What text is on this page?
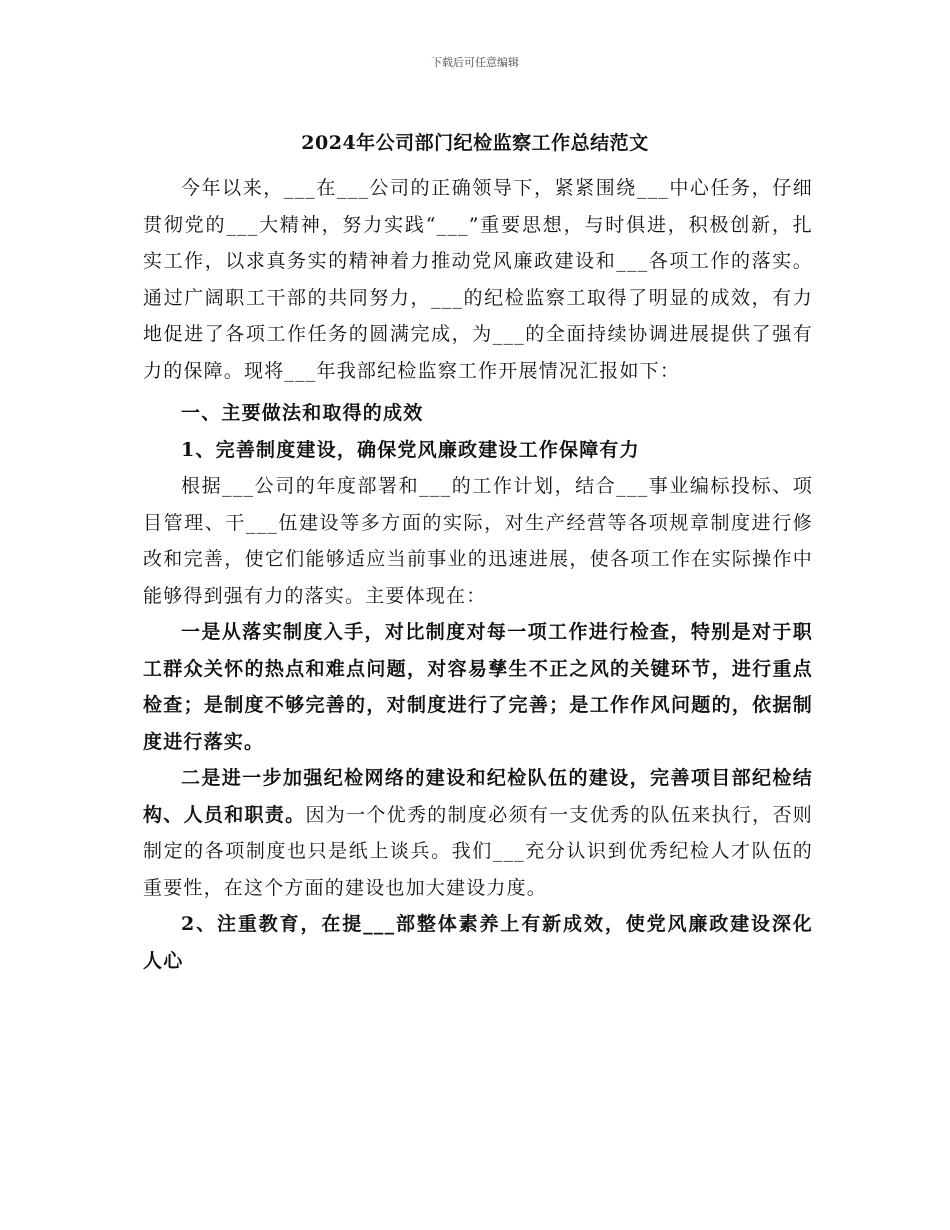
下载后可任意编辑
2024年公司部门纪检监察工作总结范文

今年以来，___在___公司的正确领导下，紧紧围绕___中心任务，仔细贯彻党的___大精神，努力实践“___”重要思想，与时俱进，积极创新，扎实工作，以求真务实的精神着力推动党风廉政建设和___各项工作的落实。通过广阔职工干部的共同努力，___的纪检监察工取得了明显的成效，有力地促进了各项工作任务的圆满完成，为___的全面持续协调进展提供了强有力的保障。现将___年我部纪检监察工作开展情况汇报如下：

一、主要做法和取得的成效

1、完善制度建设，确保党风廉政建设工作保障有力

根据___公司的年度部署和___的工作计划，结合___事业编标投标、项目管理、干___伍建设等多方面的实际，对生产经营等各项规章制度进行修改和完善，使它们能够适应当前事业的迅速进展，使各项工作在实际操作中能够得到强有力的落实。主要体现在：

一是从落实制度入手，对比制度对每一项工作进行检查，特别是对于职工群众关怀的热点和难点问题，对容易孳生不正之风的关键环节，进行重点检查；是制度不够完善的，对制度进行了完善；是工作作风问题的，依据制度进行落实。

二是进一步加强纪检网络的建设和纪检队伍的建设，完善项目部纪检结构、人员和职责。因为一个优秀的制度必须有一支优秀的队伍来执行，否则制定的各项制度也只是纸上谈兵。我们___充分认识到优秀纪检人才队伍的重要性，在这个方面的建设也加大建设力度。

2、注重教育，在提___部整体素养上有新成效，使党风廉政建设深化人心
